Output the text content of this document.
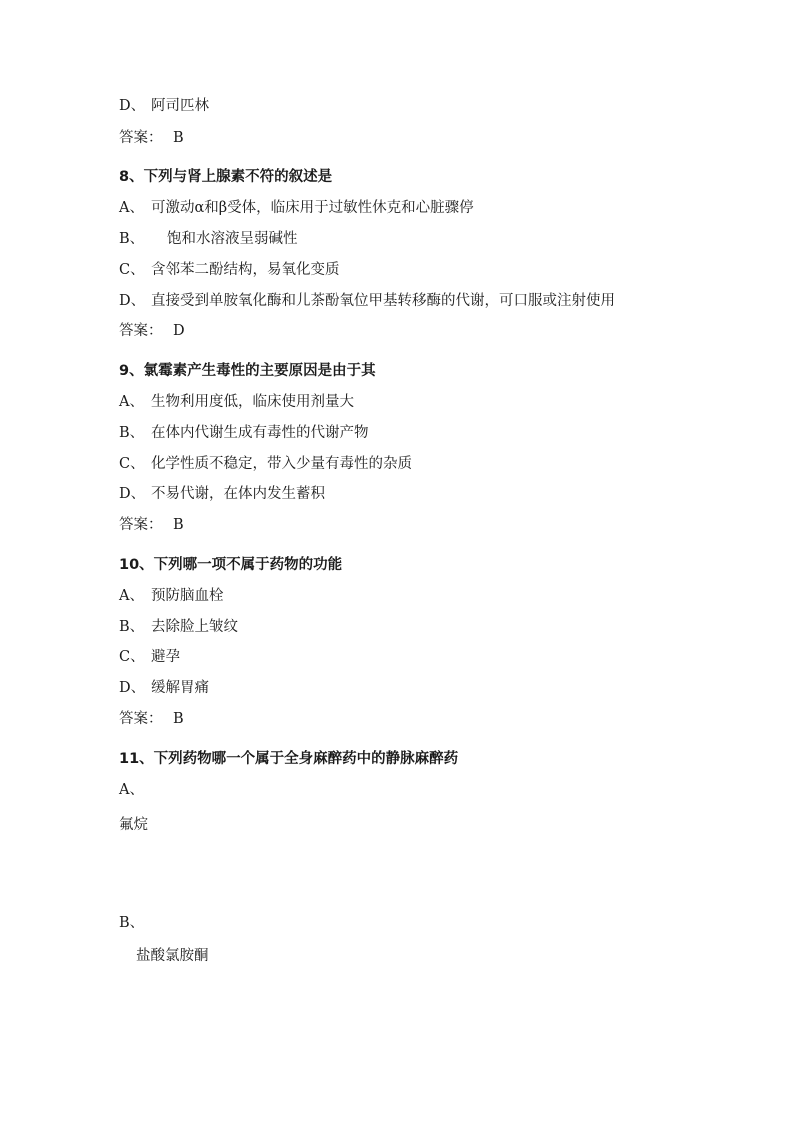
D、 阿司匹林
答案： B
8、下列与肾上腺素不符的叙述是
A、 可激动α和β受体，临床用于过敏性休克和心脏骤停
B、 饱和水溶液呈弱碱性
C、 含邻苯二酚结构，易氧化变质
D、 直接受到单胺氧化酶和儿茶酚氧位甲基转移酶的代谢，可口服或注射使用
答案： D
9、氯霉素产生毒性的主要原因是由于其
A、 生物利用度低，临床使用剂量大
B、 在体内代谢生成有毒性的代谢产物
C、 化学性质不稳定，带入少量有毒性的杂质
D、 不易代谢，在体内发生蓄积
答案： B
10、下列哪一项不属于药物的功能
A、 预防脑血栓
B、 去除脸上皱纹
C、 避孕
D、 缓解胃痛
答案： B
11、下列药物哪一个属于全身麻醉药中的静脉麻醉药
A、
氟烷
B、
盐酸氯胺酮
